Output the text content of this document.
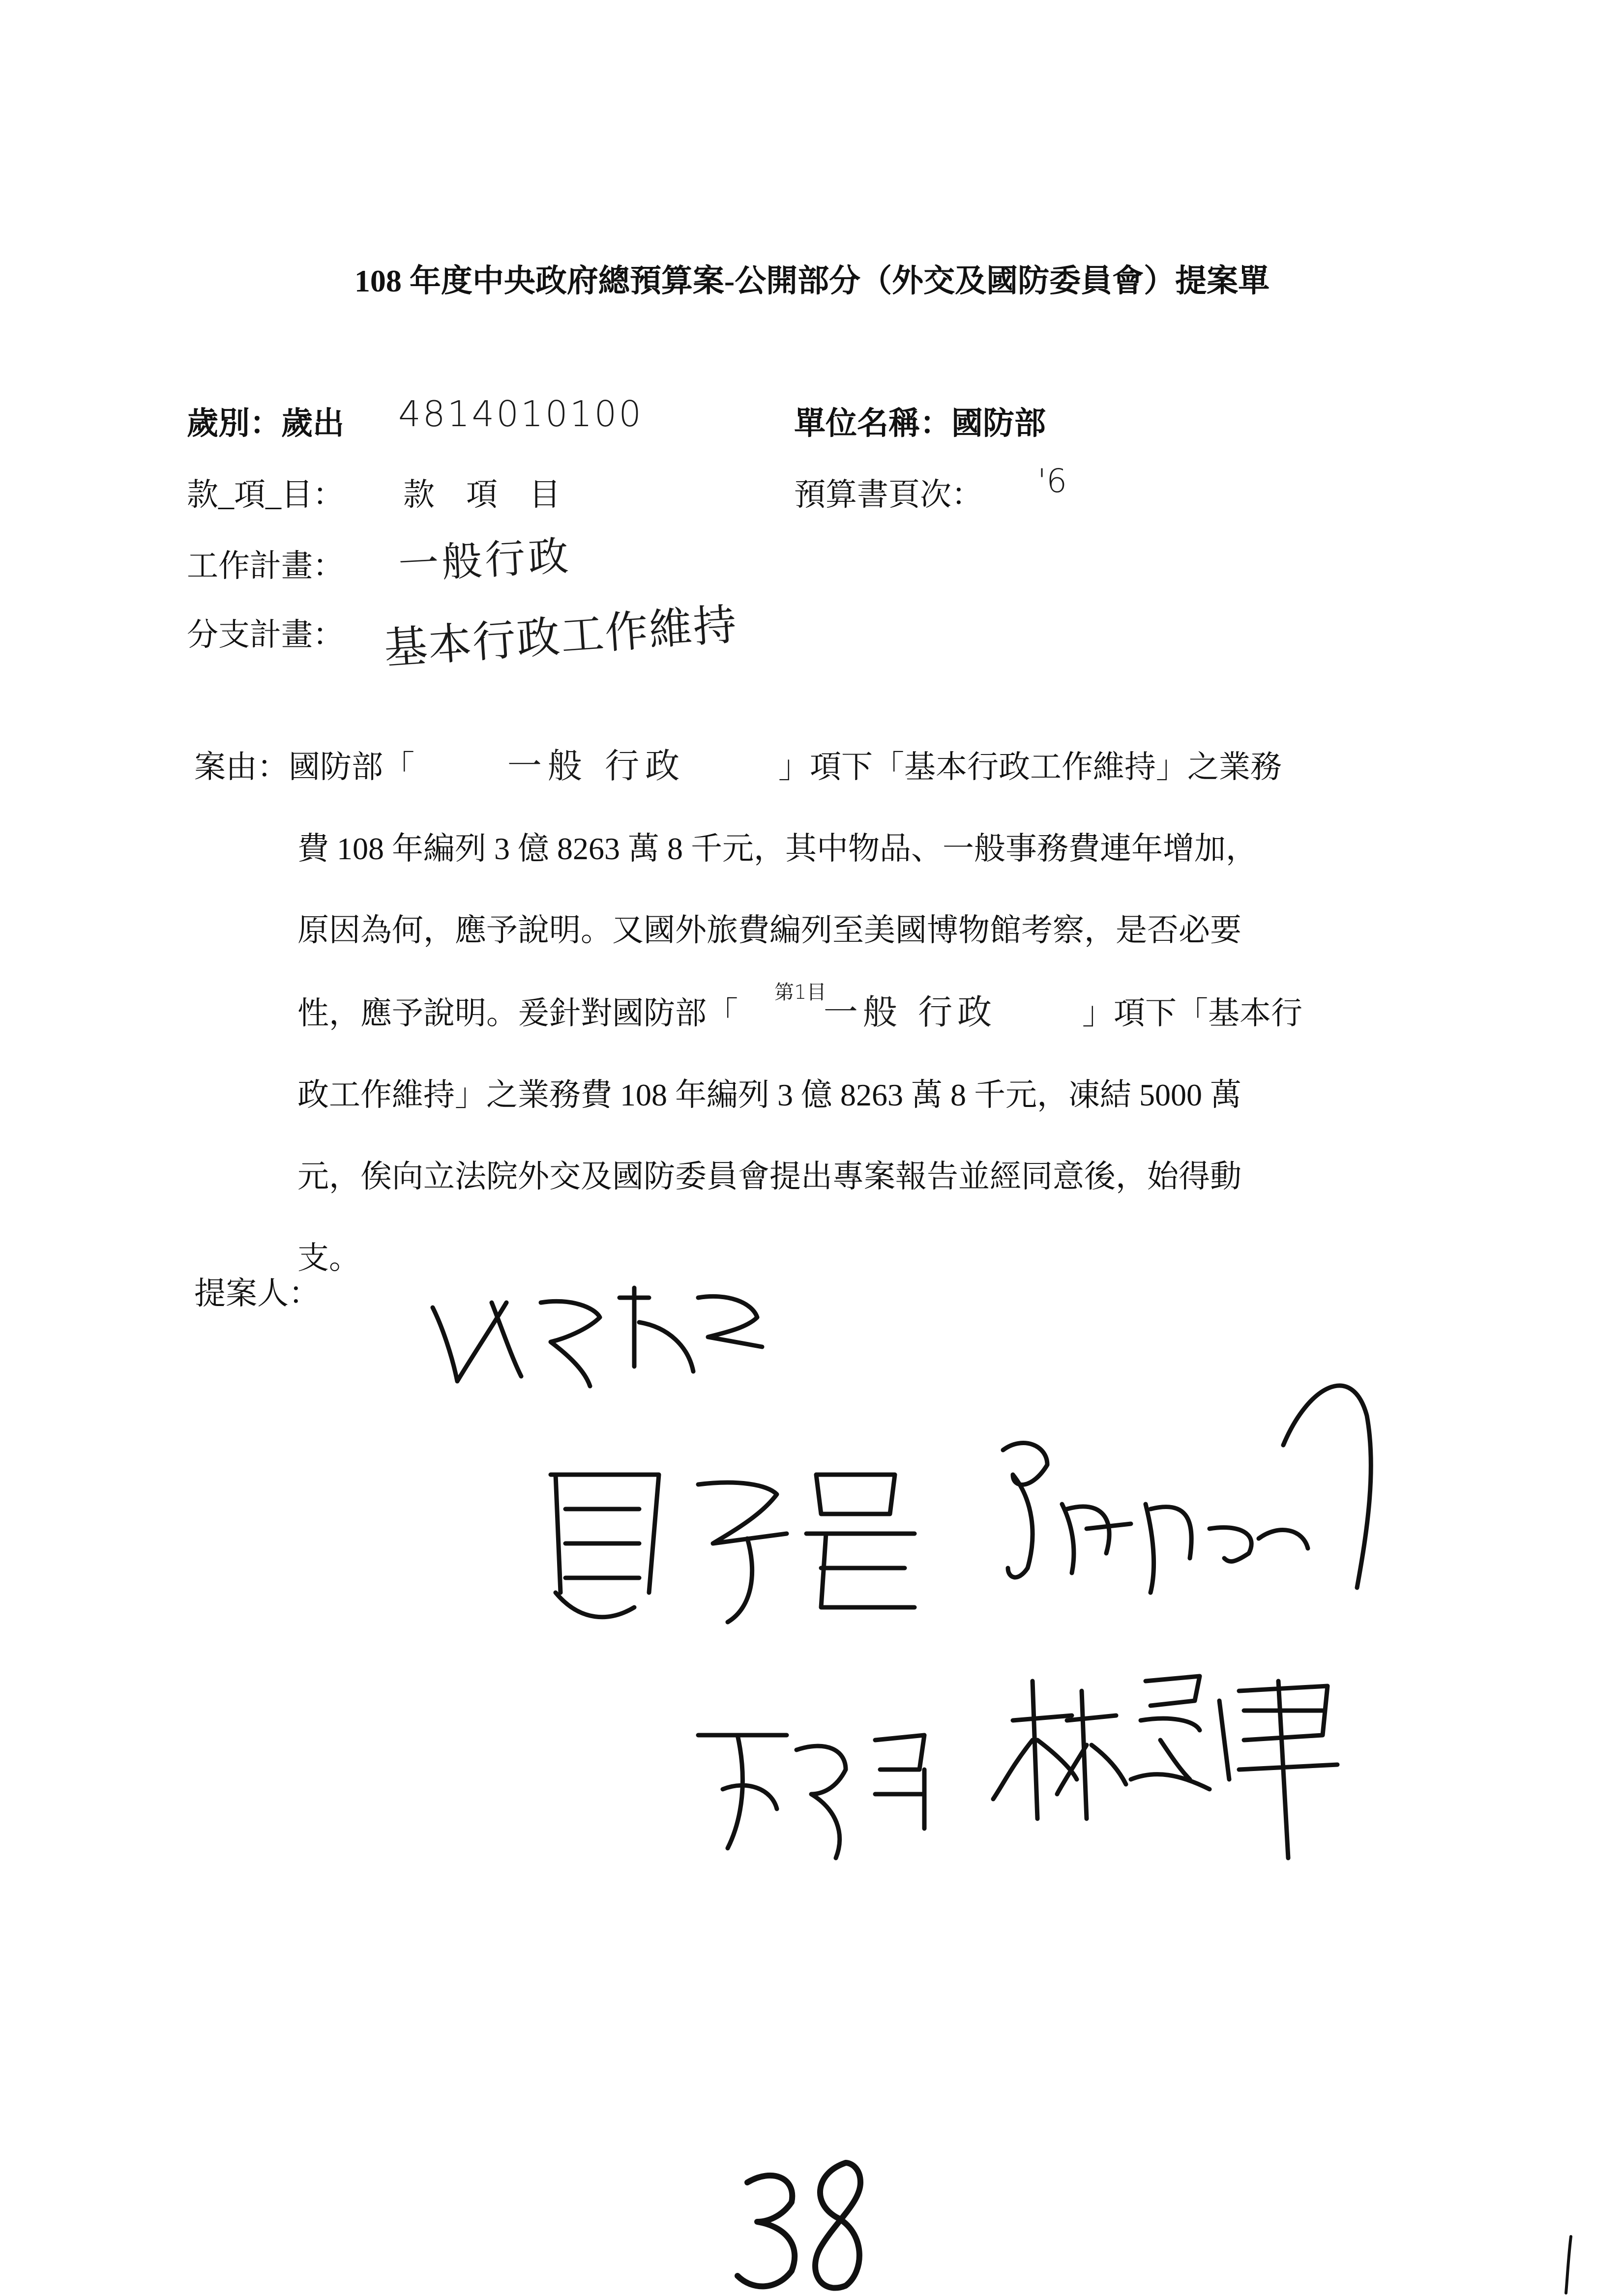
108 年度中央政府總預算案-公開部分（外交及國防委員會）提案單
歲別：歲出 4814010100	單位名稱：國防部
款_項_目： 款　項　目	預算書頁次： '6
工作計畫： 一般行政
分支計畫： 基本行政工作維持
案由：國防部「	一般 行政	」項下「基本行政工作維持」之業務
費 108 年編列 3 億 8263 萬 8 千元，其中物品、一般事務費連年增加，
原因為何，應予說明。又國外旅費編列至美國博物館考察，是否必要
性，應予說明。爰針對國防部「 一般 行政	」項下「基本行
第1目
政工作維持」之業務費 108 年編列 3 億 8263 萬 8 千元，凍結 5000 萬
元，俟向立法院外交及國防委員會提出專案報告並經同意後，始得動
支。
提案人：
